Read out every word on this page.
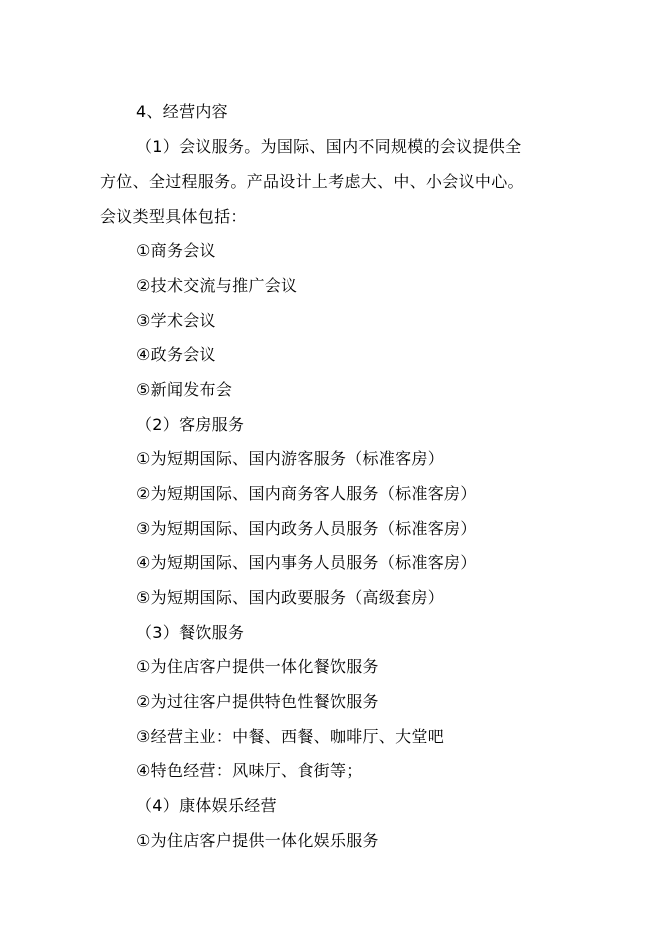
4、经营内容
（1）会议服务。为国际、国内不同规模的会议提供全
方位、全过程服务。产品设计上考虑大、中、小会议中心。
会议类型具体包括：
①商务会议
②技术交流与推广会议
③学术会议
④政务会议
⑤新闻发布会
（2）客房服务
①为短期国际、国内游客服务（标准客房）
②为短期国际、国内商务客人服务（标准客房）
③为短期国际、国内政务人员服务（标准客房）
④为短期国际、国内事务人员服务（标准客房）
⑤为短期国际、国内政要服务（高级套房）
（3）餐饮服务
①为住店客户提供一体化餐饮服务
②为过往客户提供特色性餐饮服务
③经营主业：中餐、西餐、咖啡厅、大堂吧
④特色经营：风味厅、食街等；
（4）康体娱乐经营
①为住店客户提供一体化娱乐服务
